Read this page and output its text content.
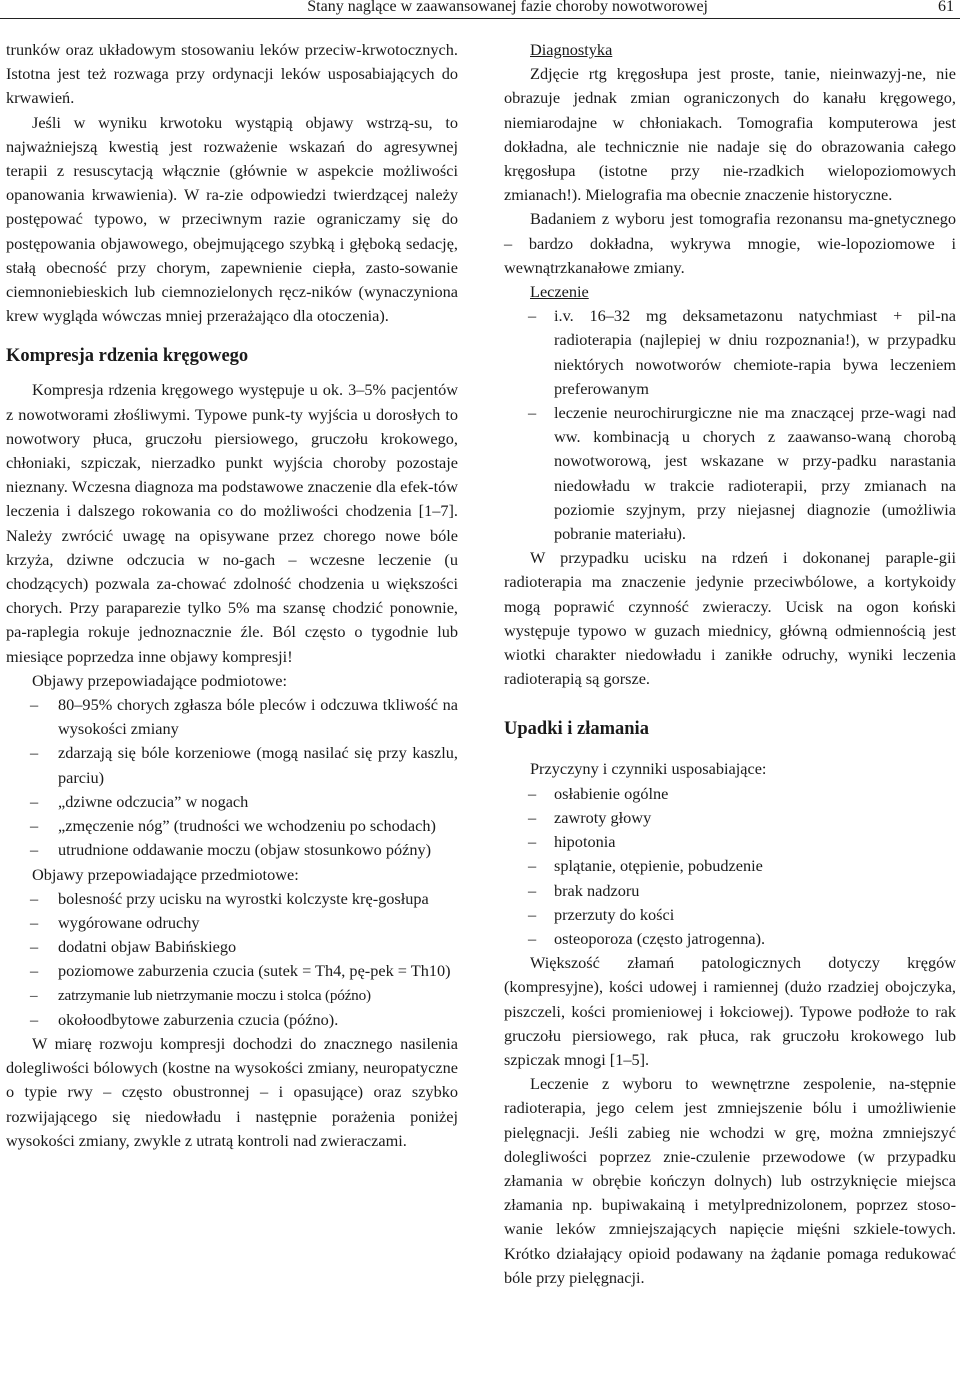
Stany naglące w zaawansowanej fazie choroby nowotworowej	61

trunków oraz układowym stosowaniu leków przeciw-krwotocznych. Istotna jest też rozwaga przy ordynacji leków usposabiających do krwawień.

Jeśli w wyniku krwotoku wystąpią objawy wstrzą-su, to najważniejszą kwestią jest rozważenie wskazań do agresywnej terapii z resuscytacją włącznie (głównie w aspekcie możliwości opanowania krwawienia). W ra-zie odpowiedzi twierdzącej należy postępować typowo, w przeciwnym razie ograniczamy się do postępowania objawowego, obejmującego szybką i głęboką sedację, stałą obecność przy chorym, zapewnienie ciepła, zasto-sowanie ciemnoniebieskich lub ciemnozielonych ręcz-ników (wynaczyniona krew wygląda wówczas mniej przerażająco dla otoczenia).

Kompresja rdzenia kręgowego

Kompresja rdzenia kręgowego występuje u ok. 3–5% pacjentów z nowotworami złośliwymi. Typowe punk-ty wyjścia u dorosłych to nowotwory płuca, gruczołu piersiowego, gruczołu krokowego, chłoniaki, szpiczak, nierzadko punkt wyjścia choroby pozostaje nieznany. Wczesna diagnoza ma podstawowe znaczenie dla efek-tów leczenia i dalszego rokowania co do możliwości chodzenia [1–7]. Należy zwrócić uwagę na opisywane przez chorego nowe bóle krzyża, dziwne odczucia w no-gach – wczesne leczenie (u chodzących) pozwala za-chować zdolność chodzenia u większości chorych. Przy paraparezie tylko 5% ma szansę chodzić ponownie, pa-raplegia rokuje jednoznacznie źle. Ból często o tygodnie lub miesiące poprzedza inne objawy kompresji!

Objawy przepowiadające podmiotowe:

– 80–95% chorych zgłasza bóle pleców i odczuwa tkliwość na wysokości zmiany
– zdarzają się bóle korzeniowe (mogą nasilać się przy kaszlu, parciu)
– „dziwne odczucia” w nogach
– „zmęczenie nóg” (trudności we wchodzeniu po schodach)
– utrudnione oddawanie moczu (objaw stosunkowo późny)

Objawy przepowiadające przedmiotowe:

– bolesność przy ucisku na wyrostki kolczyste krę-gosłupa
– wygórowane odruchy
– dodatni objaw Babińskiego
– poziomowe zaburzenia czucia (sutek = Th4, pę-pek = Th10)
– zatrzymanie lub nietrzymanie moczu i stolca (późno)
– okołoodbytowe zaburzenia czucia (późno).

W miarę rozwoju kompresji dochodzi do znacznego nasilenia dolegliwości bólowych (kostne na wysokości zmiany, neuropatyczne o typie rwy – często obustronnej – i opasujące) oraz szybko rozwijającego się niedowładu i następnie porażenia poniżej wysokości zmiany, zwykle z utratą kontroli nad zwieraczami.

Diagnostyka

Zdjęcie rtg kręgosłupa jest proste, tanie, nieinwazyj-ne, nie obrazuje jednak zmian ograniczonych do kanału kręgowego, niemiarodajne w chłoniakach. Tomografia komputerowa jest dokładna, ale technicznie nie nadaje się do obrazowania całego kręgosłupa (istotne przy nie-rzadkich wielopoziomowych zmianach!). Mielografia ma obecnie znaczenie historyczne.

Badaniem z wyboru jest tomografia rezonansu ma-gnetycznego – bardzo dokładna, wykrywa mnogie, wie-lopoziomowe i wewnątrzkanałowe zmiany.

Leczenie

– i.v. 16–32 mg deksametazonu natychmiast + pil-na radioterapia (najlepiej w dniu rozpoznania!), w przypadku niektórych nowotworów chemiote-rapia bywa leczeniem preferowanym
– leczenie neurochirurgiczne nie ma znaczącej prze-wagi nad ww. kombinacją u chorych z zaawanso-waną chorobą nowotworową, jest wskazane w przy-padku narastania niedowładu w trakcie radioterapii, przy zmianach na poziomie szyjnym, przy niejasnej diagnozie (umożliwia pobranie materiału).

W przypadku ucisku na rdzeń i dokonanej paraple-gii radioterapia ma znaczenie jedynie przeciwbólowe, a kortykoidy mogą poprawić czynność zwieraczy. Ucisk na ogon koński występuje typowo w guzach miednicy, główną odmiennością jest wiotki charakter niedowładu i zanikłe odruchy, wyniki leczenia radioterapią są gorsze.

Upadki i złamania

Przyczyny i czynniki usposabiające:

– osłabienie ogólne
– zawroty głowy
– hipotonia
– splątanie, otępienie, pobudzenie
– brak nadzoru
– przerzuty do kości
– osteoporoza (często jatrogenna).

Większość złamań patologicznych dotyczy kręgów (kompresyjne), kości udowej i ramiennej (dużo rzadziej obojczyka, piszczeli, kości promieniowej i łokciowej). Typowe podłoże to rak gruczołu piersiowego, rak płuca, rak gruczołu krokowego lub szpiczak mnogi [1–5].

Leczenie z wyboru to wewnętrzne zespolenie, na-stępnie radioterapia, jego celem jest zmniejszenie bólu i umożliwienie pielęgnacji. Jeśli zabieg nie wchodzi w grę, można zmniejszyć dolegliwości poprzez znie-czulenie przewodowe (w przypadku złamania w obrębie kończyn dolnych) lub ostrzyknięcie miejsca złamania np. bupiwakainą i metylprednizolonem, poprzez stoso-wanie leków zmniejszających napięcie mięśni szkiele-towych. Krótko działający opioid podawany na żądanie pomaga redukować bóle przy pielęgnacji.
